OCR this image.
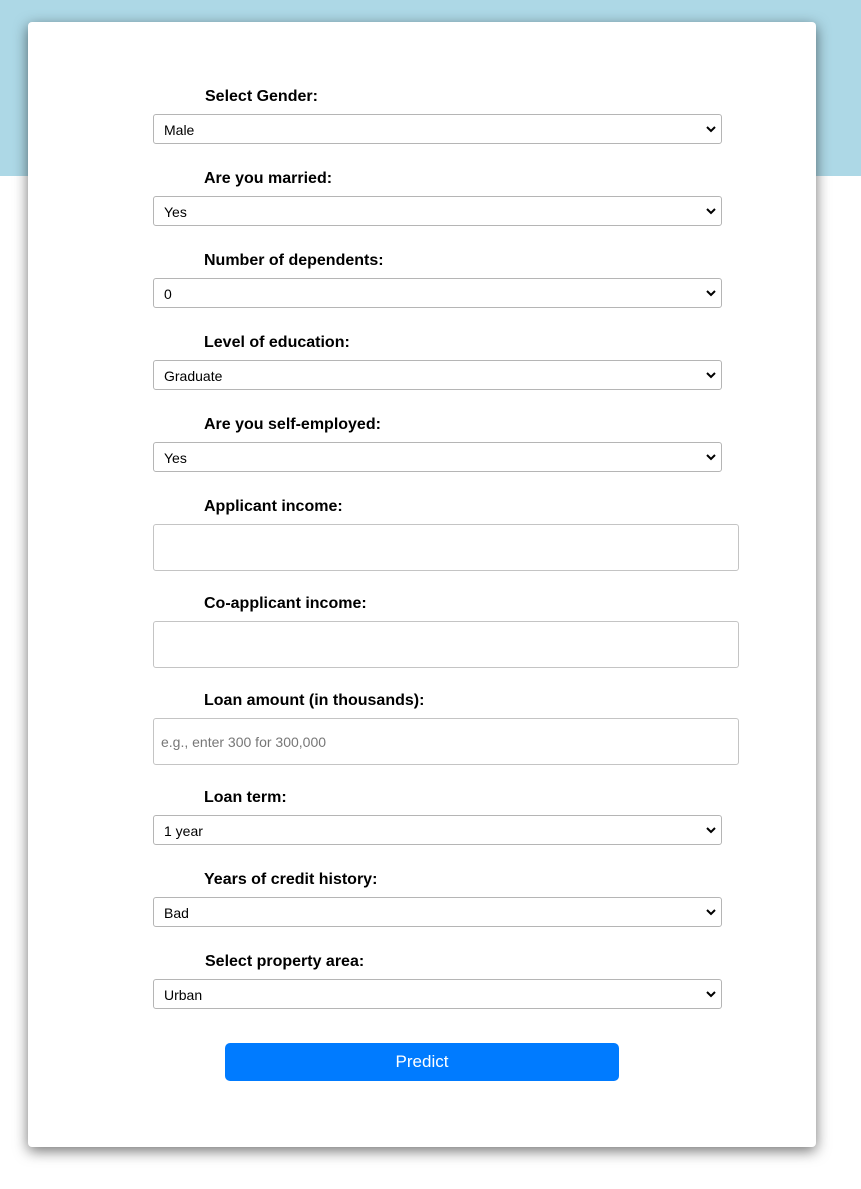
Select Gender:
Male
Are you married:
Yes
Number of dependents:
0
Level of education:
Graduate
Are you self-employed:
Yes
Applicant income:
Co-applicant income:
Loan amount (in thousands):
e.g., enter 300 for 300,000
Loan term:
1 year
Years of credit history:
Bad
Select property area:
Urban
Predict
